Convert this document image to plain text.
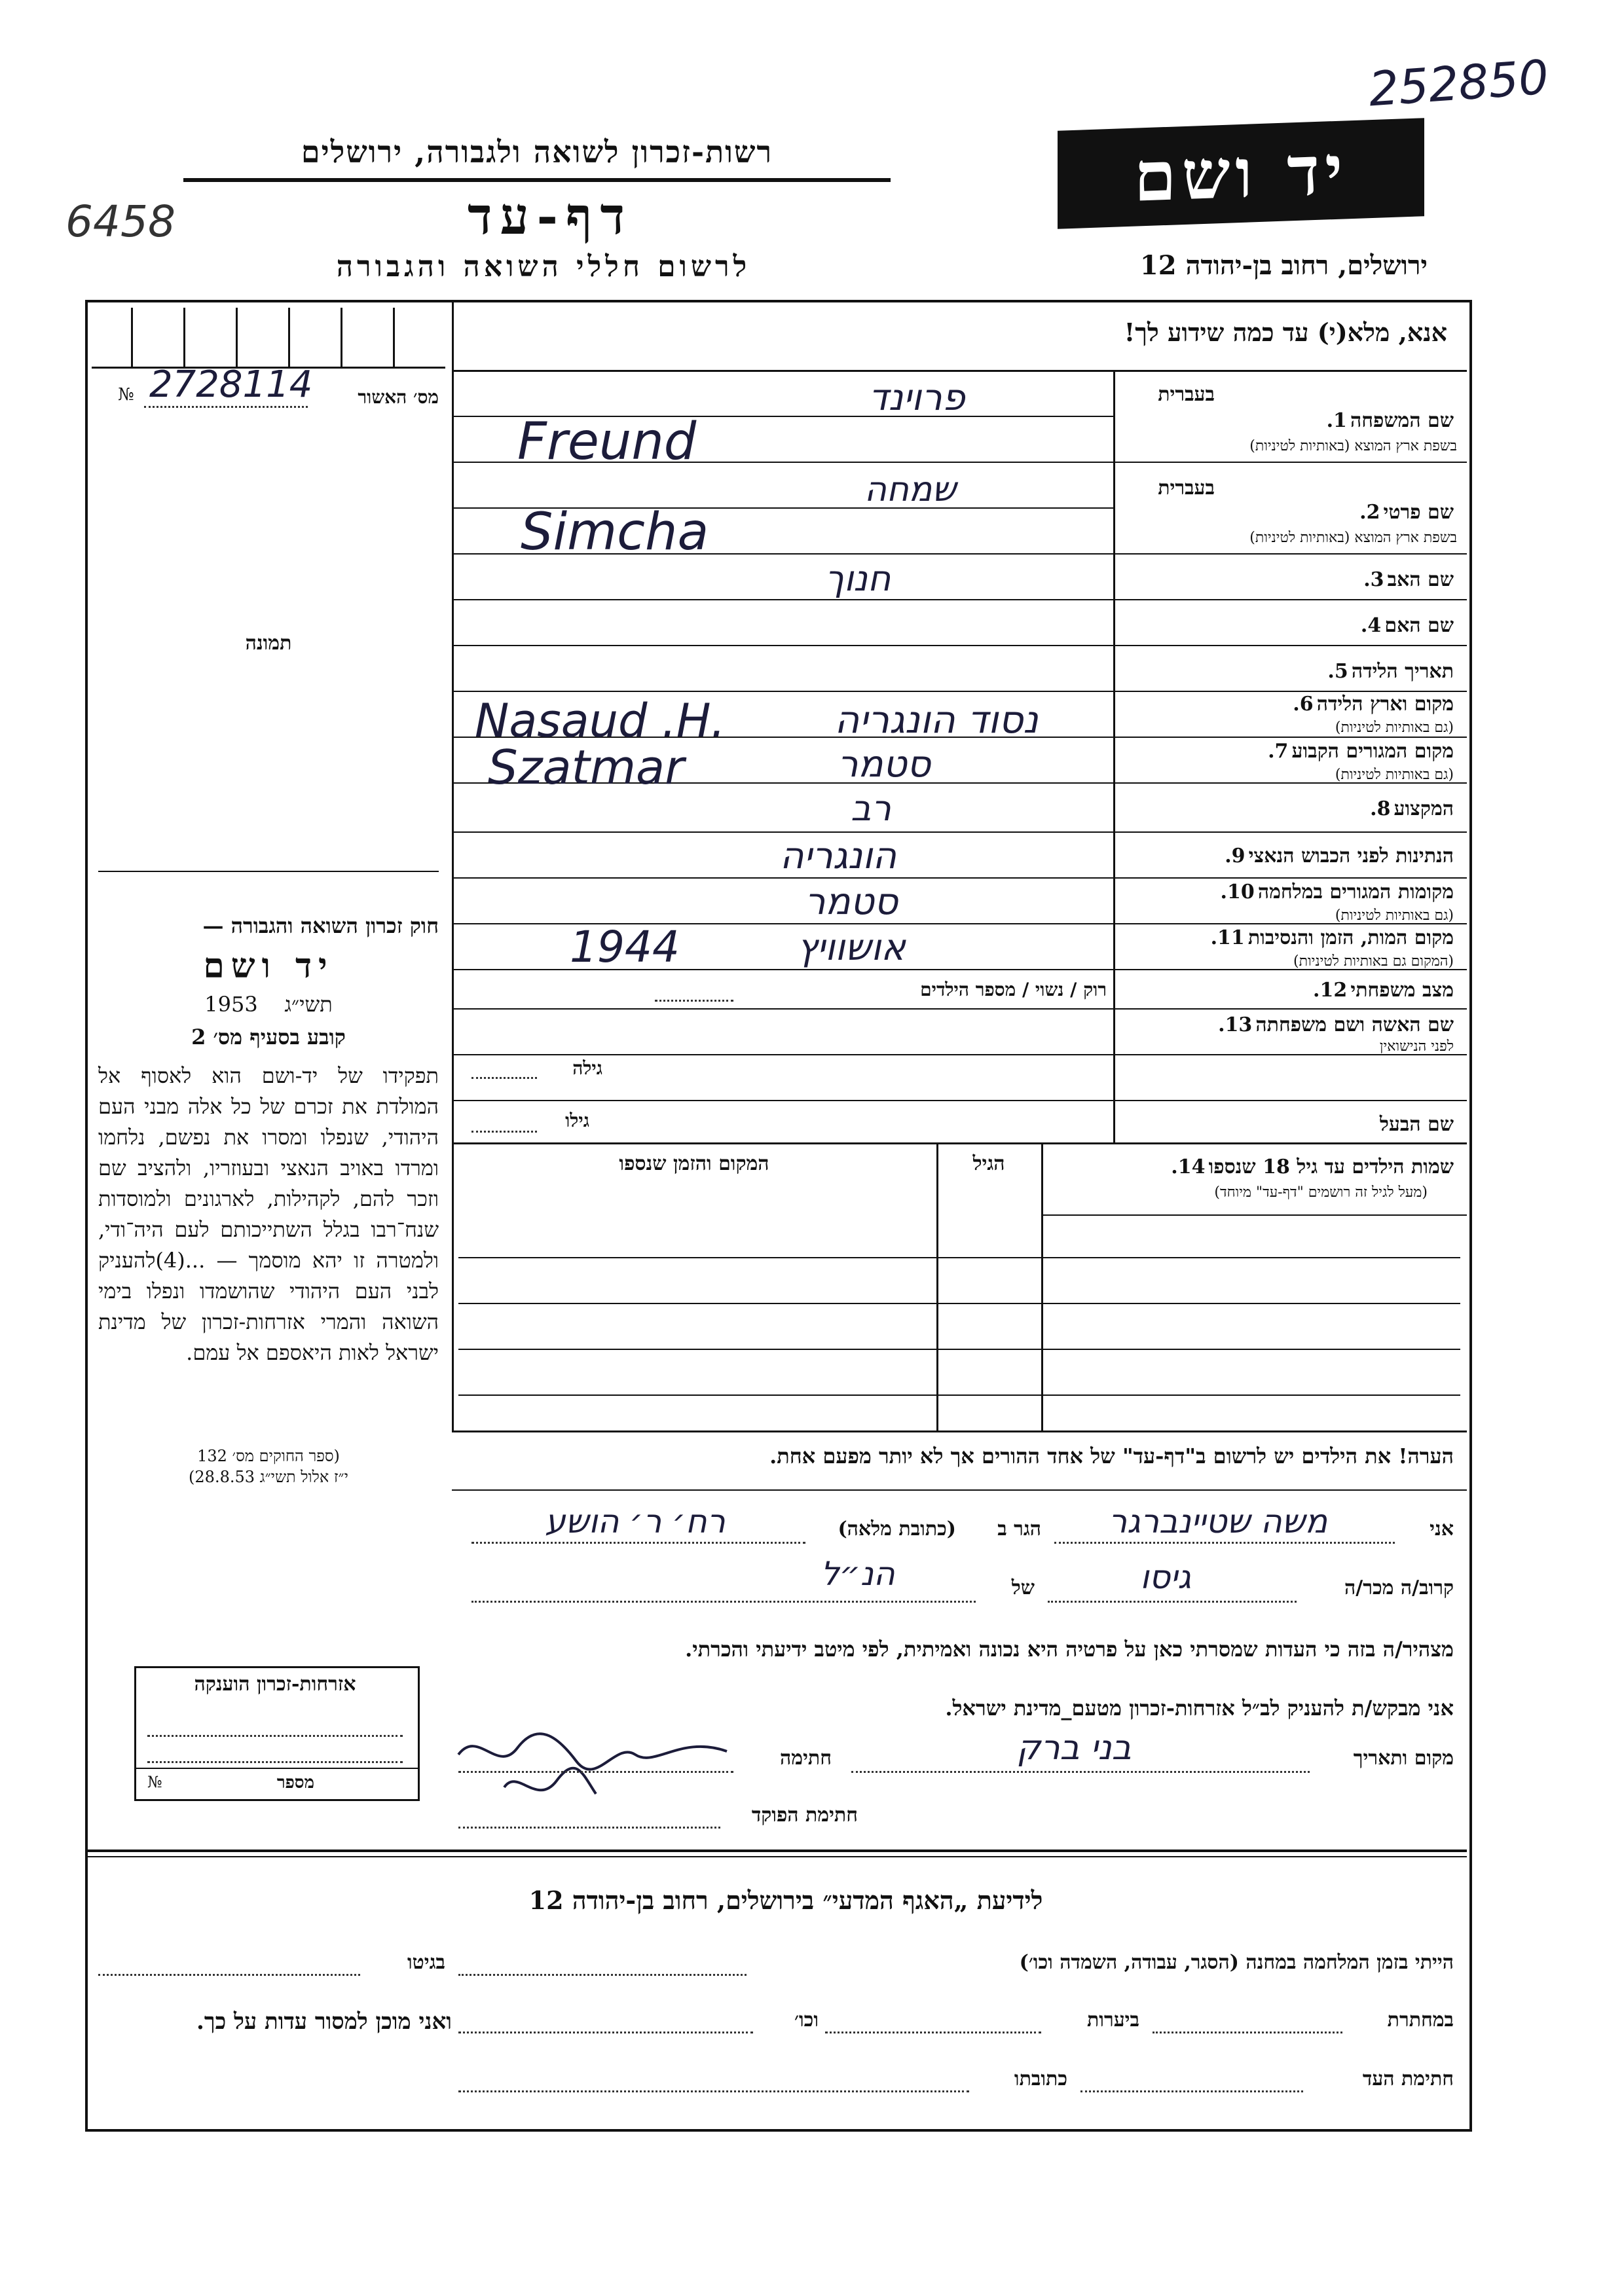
252850
6458
רשות-זכרון לשואה ולגבורה, ירושלים
דף-עד
לרשום חללי השואה והגבורה
יד ושם
ירושלים, רחוב בן-יהודה 12
אנא, מלא(י) עד כמה שידוע לך!
№ 2728114	מס׳ האשור
תמונה
חוק זכרון השואה והגבורה —
יד ושם
1953 תשי״ג
קובע בסעיף מס׳ 2
תפקידו של יד-ושם הוא לאסוף אל המולדת את זכרם של כל אלה מבני העם היהודי, שנפלו ומסרו את נפשם, נלחמו ומרדו באויב הנאצי ובעוזריו, ולהציב שם וזכר להם, לקהילות, לארגונים ולמוסדות שנח־רבו בגלל השתייכותם לעם היה־ודי, ולמטרה זו יהא מוסמך — ...(4)להעניק לבני העם היהודי שהושמדו ונפלו בימי השואה והמרי אזרחות-זכרון של מדינת ישראל לאות היאספם אל עמם.
(ספר החוקים מס׳ 132
י״ז אלול תשי״ג 28.8.53)
בעברית
שם המשפחה 1.
בשפת ארץ המוצא (באותיות לטיניות)
פרוינד
Freund
בעברית
שם פרטי 2.
בשפת ארץ המוצא (באותיות לטיניות)
שמחה
Simcha
שם האב 3.
חנוך
שם האם 4.
תאריך הלידה 5.
מקום וארץ הלידה 6.
(גם באותיות לטיניות)
נסוד הונגריה
Nasaud .H.
מקום המגורים הקבוע 7.
(גם באותיות לטיניות)
סטמר
Szatmar
המקצוע 8.
רב
הנתינות לפני הכבוש הנאצי 9.
הונגריה
מקומות המגורים במלחמה 10.
(גם באותיות לטיניות)
סטמר
מקום המות, הזמן והנסיבות 11.
(המקום גם באותיות לטיניות)
אושוויץ
1944
מצב משפחתי 12.
רוק / נשוי / מספר הילדים
שם האשה ושם משפחתה 13.
לפני הנישואין
גילה
שם הבעל
גילו
שמות הילדים עד גיל 18 שנספו 14.
(מעל לגיל זה רושמים "דף-עד" מיוחד)
הגיל
המקום והזמן שנספו
הערה! את הילדים יש לרשום ב"דף-עד" של אחד ההורים אך לא יותר מפעם אחת.
אני
משה שטיינברגר
הגר ב
(כתובת מלאה)
רח׳ ר׳ הושע
קרוב/ה מכר/ה
גיסו
של
הנ״ל
מצהיר/ה בזה כי העדות שמסרתי כאן על פרטיה היא נכונה ואמיתית, לפי מיטב ידיעתי והכרתי.
אזרחות-זכרון הוענקה
מספר
№
אני מבקש/ת להעניק לב״ל אזרחות-זכרון מטעם_מדינת ישראל.
מקום ותאריך
בני ברק
חתימה
חתימת הפוקד
לידיעת „האגף המדעי״ בירושלים, רחוב בן-יהודה 12
הייתי בזמן המלחמה במחנה (הסגר, עבודה, השמדה וכו׳)
בגיטו
במחתרת
ביערות
וכו׳
ואני מוכן למסור עדות על כך.
חתימת העד
כתובתו
